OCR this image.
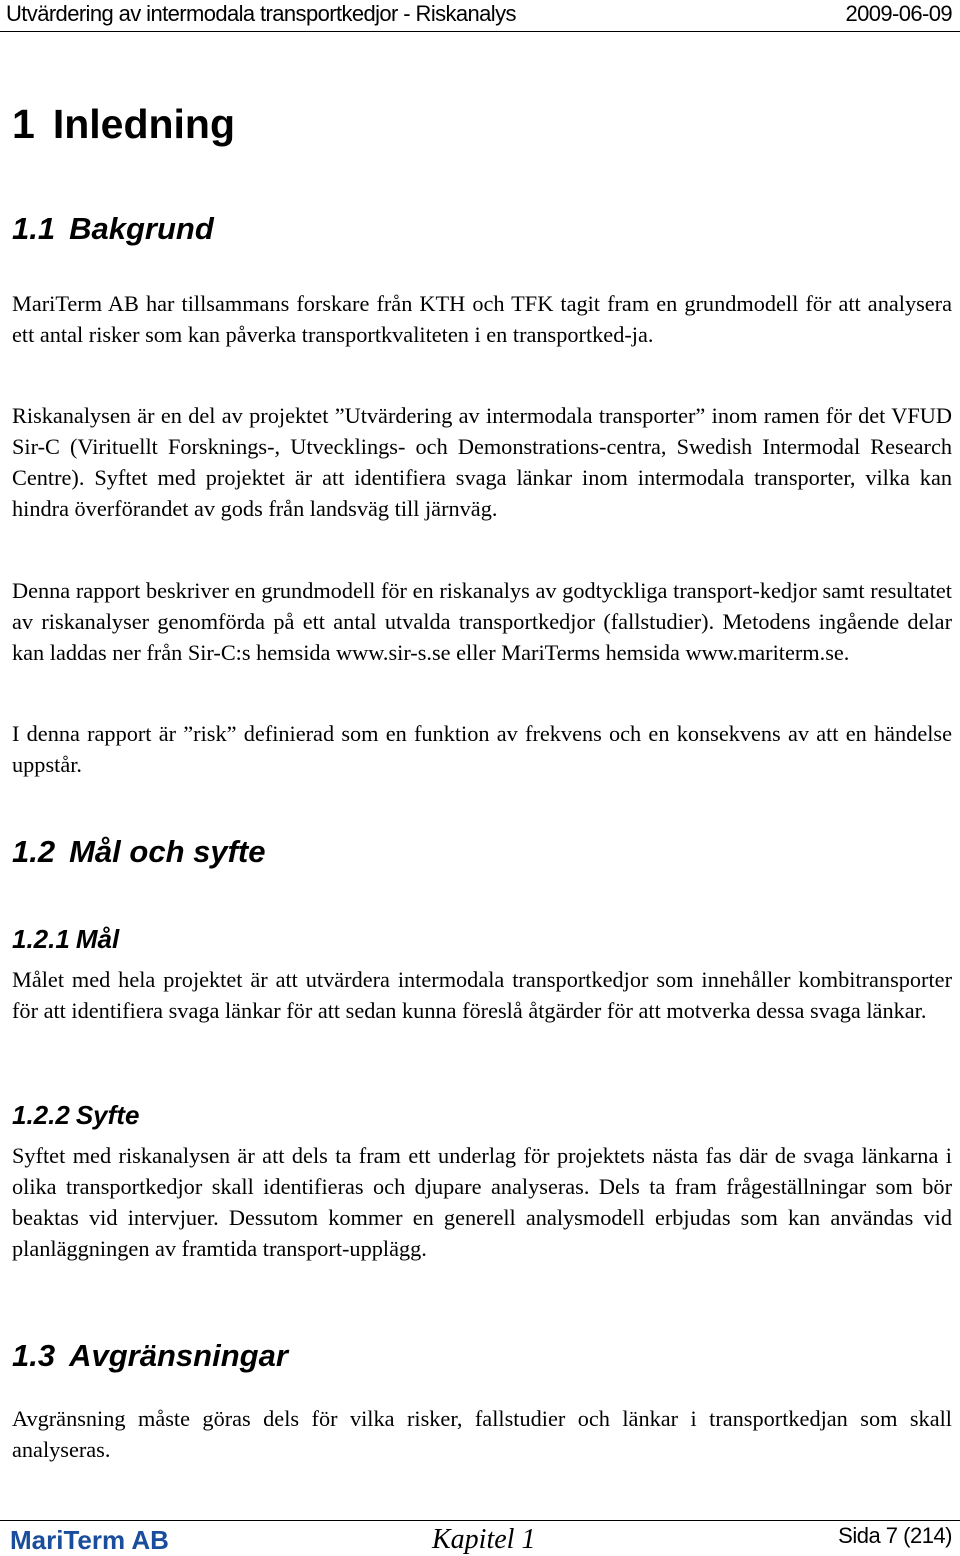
Utvärdering av intermodala transportkedjor - Riskanalys	2009-06-09
1 Inledning
1.1 Bakgrund

MariTerm AB har tillsammans forskare från KTH och TFK tagit fram en grundmodell för att analysera ett antal risker som kan påverka transportkvaliteten i en transportked-ja.

Riskanalysen är en del av projektet ”Utvärdering av intermodala transporter” inom ramen för det VFUD Sir-C (Virituellt Forsknings-, Utvecklings- och Demonstrations-centra, Swedish Intermodal Research Centre). Syftet med projektet är att identifiera svaga länkar inom intermodala transporter, vilka kan hindra överförandet av gods från landsväg till järnväg.

Denna rapport beskriver en grundmodell för en riskanalys av godtyckliga transport-kedjor samt resultatet av riskanalyser genomförda på ett antal utvalda transportkedjor (fallstudier). Metodens ingående delar kan laddas ner från Sir-C:s hemsida www.sir-s.se eller MariTerms hemsida www.mariterm.se.

I denna rapport är ”risk” definierad som en funktion av frekvens och en konsekvens av att en händelse uppstår.

1.2 Mål och syfte
1.2.1 Mål

Målet med hela projektet är att utvärdera intermodala transportkedjor som innehåller kombitransporter för att identifiera svaga länkar för att sedan kunna föreslå åtgärder för att motverka dessa svaga länkar.

1.2.2 Syfte

Syftet med riskanalysen är att dels ta fram ett underlag för projektets nästa fas där de svaga länkarna i olika transportkedjor skall identifieras och djupare analyseras. Dels ta fram frågeställningar som bör beaktas vid intervjuer. Dessutom kommer en generell analysmodell erbjudas som kan användas vid planläggningen av framtida transport-upplägg.

1.3 Avgränsningar

Avgränsning måste göras dels för vilka risker, fallstudier och länkar i transportkedjan som skall analyseras.

MariTerm AB	Kapitel 1	Sida 7 (214)
